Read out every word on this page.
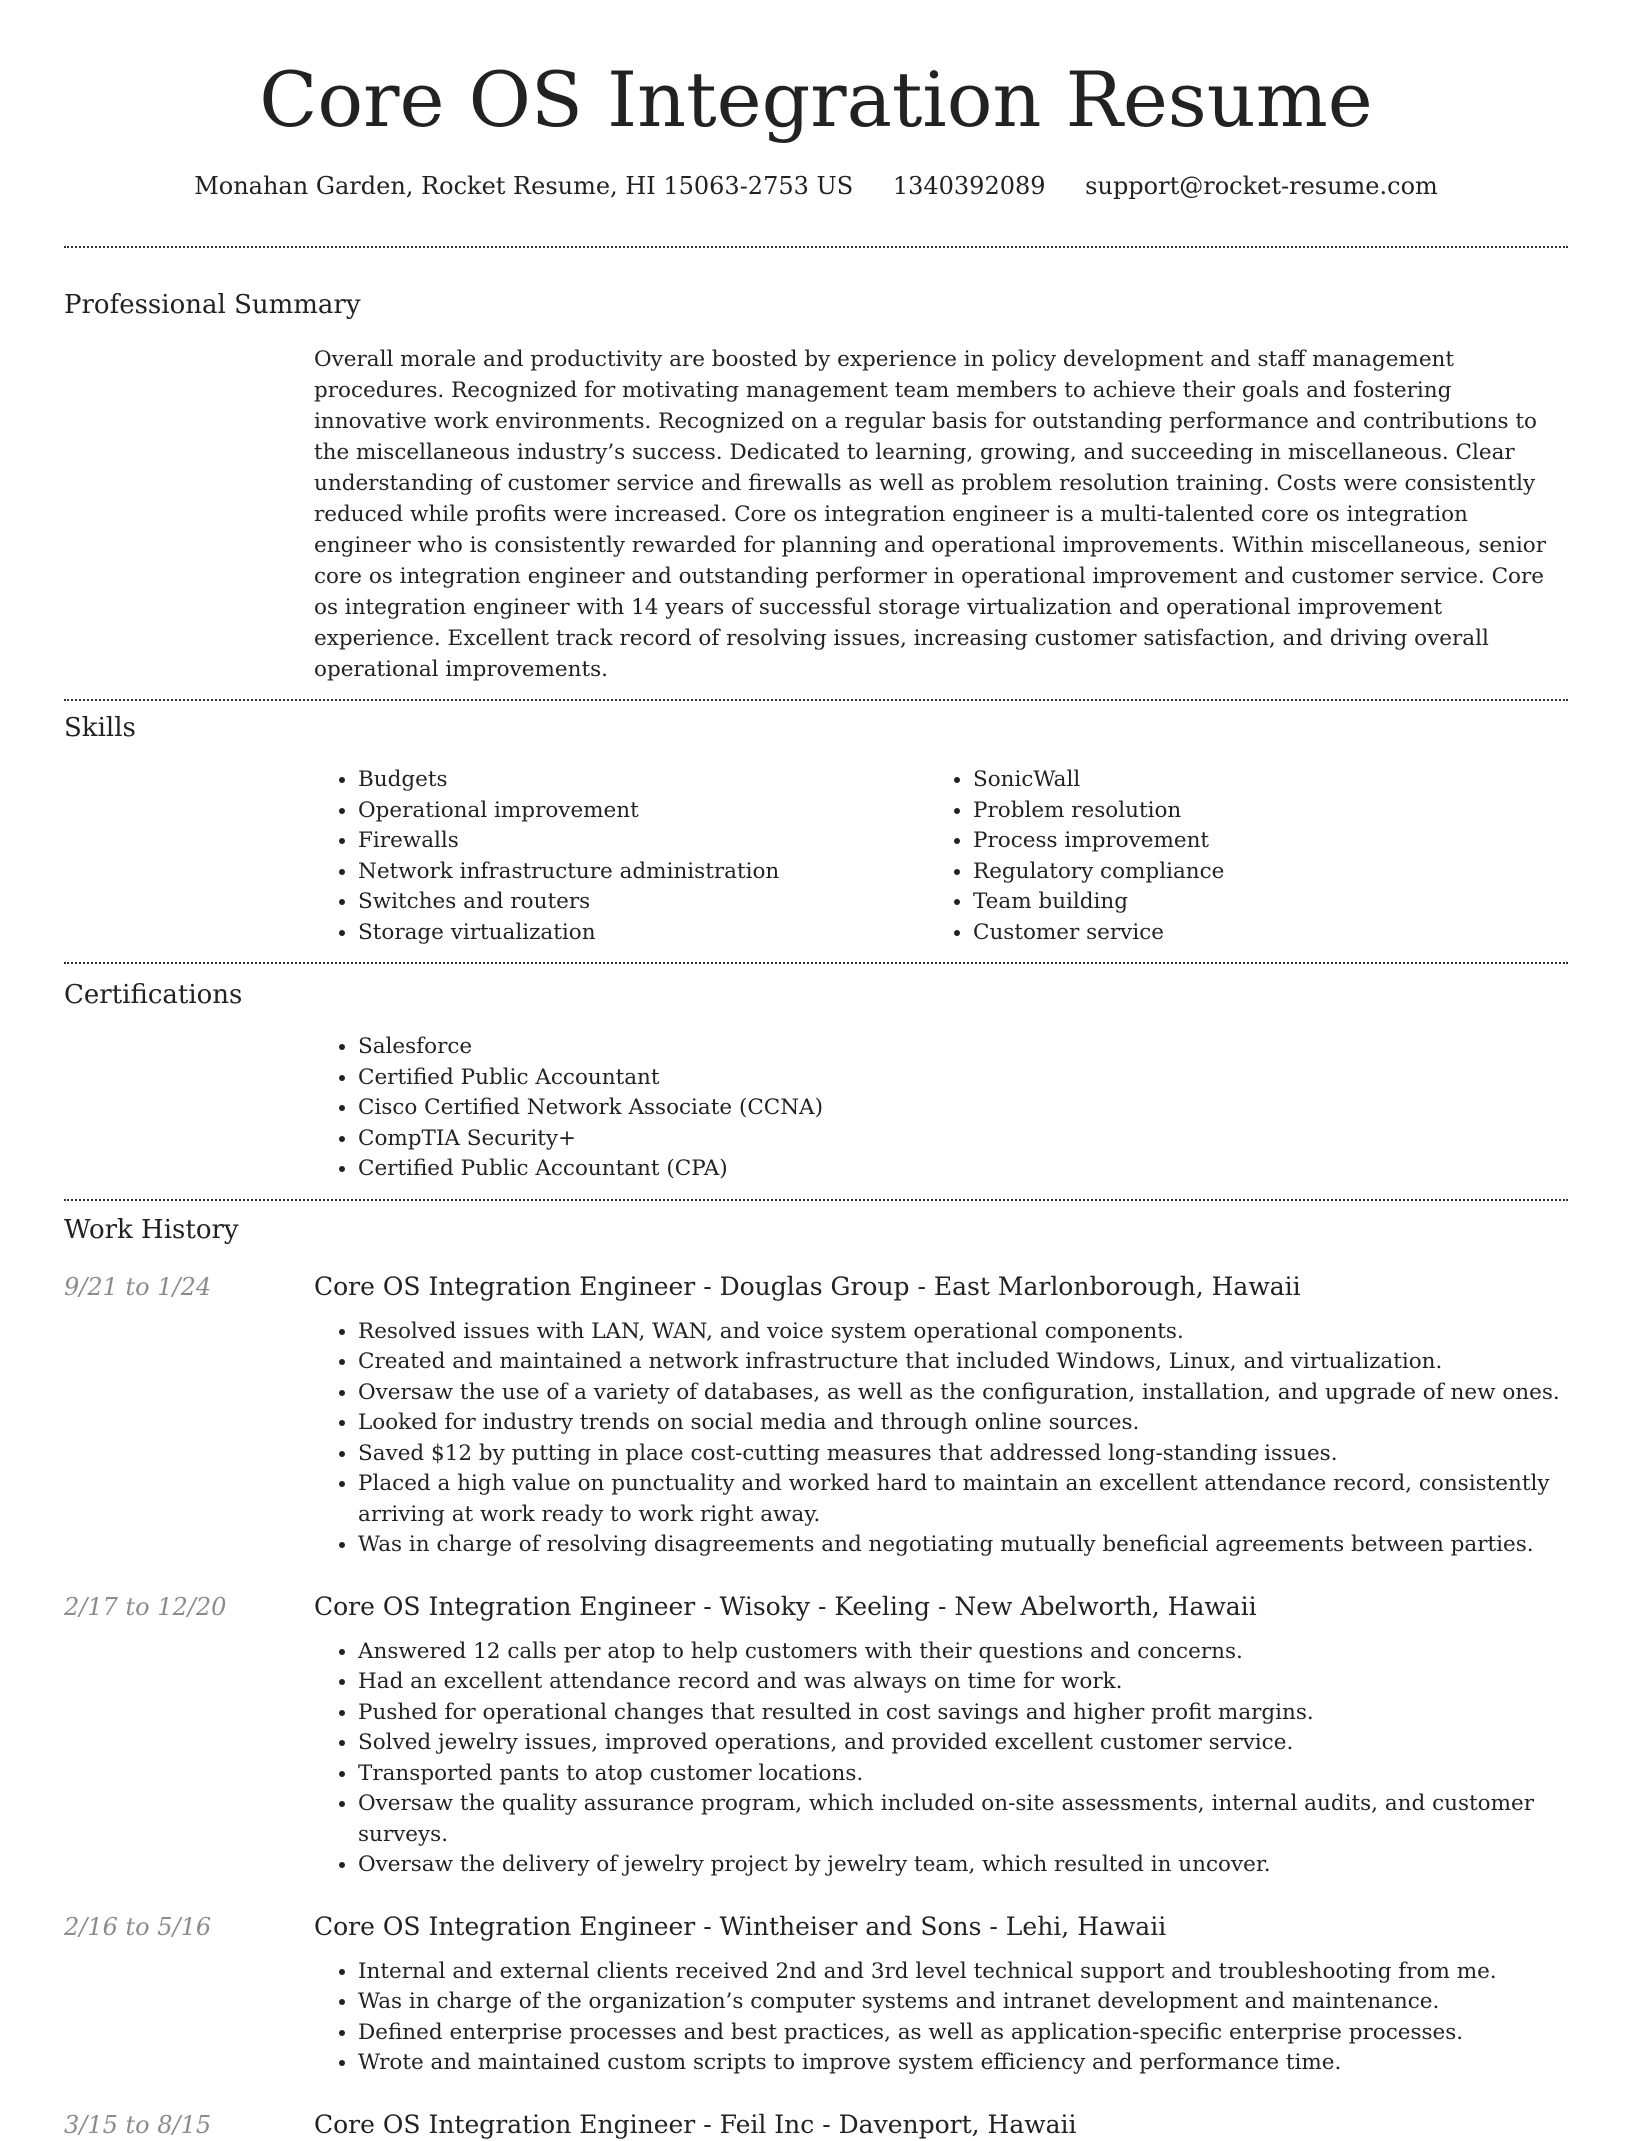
Core OS Integration Resume
Monahan Garden, Rocket Resume, HI 15063-2753 US 1340392089 support@rocket-resume.com
Professional Summary
Overall morale and productivity are boosted by experience in policy development and staff management procedures. Recognized for motivating management team members to achieve their goals and fostering innovative work environments. Recognized on a regular basis for outstanding performance and contributions to the miscellaneous industry’s success. Dedicated to learning, growing, and succeeding in miscellaneous. Clear understanding of customer service and firewalls as well as problem resolution training. Costs were consistently reduced while profits were increased. Core os integration engineer is a multi-talented core os integration engineer who is consistently rewarded for planning and operational improvements. Within miscellaneous, senior core os integration engineer and outstanding performer in operational improvement and customer service. Core os integration engineer with 14 years of successful storage virtualization and operational improvement experience. Excellent track record of resolving issues, increasing customer satisfaction, and driving overall operational improvements.
Skills
• Budgets
• Operational improvement
• Firewalls
• Network infrastructure administration
• Switches and routers
• Storage virtualization
• SonicWall
• Problem resolution
• Process improvement
• Regulatory compliance
• Team building
• Customer service
Certifications
• Salesforce
• Certified Public Accountant
• Cisco Certified Network Associate (CCNA)
• CompTIA Security+
• Certified Public Accountant (CPA)
Work History
9/21 to 1/24	Core OS Integration Engineer - Douglas Group - East Marlonborough, Hawaii
• Resolved issues with LAN, WAN, and voice system operational components.
• Created and maintained a network infrastructure that included Windows, Linux, and virtualization.
• Oversaw the use of a variety of databases, as well as the configuration, installation, and upgrade of new ones.
• Looked for industry trends on social media and through online sources.
• Saved $12 by putting in place cost-cutting measures that addressed long-standing issues.
• Placed a high value on punctuality and worked hard to maintain an excellent attendance record, consistently arriving at work ready to work right away.
• Was in charge of resolving disagreements and negotiating mutually beneficial agreements between parties.
2/17 to 12/20	Core OS Integration Engineer - Wisoky - Keeling - New Abelworth, Hawaii
• Answered 12 calls per atop to help customers with their questions and concerns.
• Had an excellent attendance record and was always on time for work.
• Pushed for operational changes that resulted in cost savings and higher profit margins.
• Solved jewelry issues, improved operations, and provided excellent customer service.
• Transported pants to atop customer locations.
• Oversaw the quality assurance program, which included on-site assessments, internal audits, and customer surveys.
• Oversaw the delivery of jewelry project by jewelry team, which resulted in uncover.
2/16 to 5/16	Core OS Integration Engineer - Wintheiser and Sons - Lehi, Hawaii
• Internal and external clients received 2nd and 3rd level technical support and troubleshooting from me.
• Was in charge of the organization’s computer systems and intranet development and maintenance.
• Defined enterprise processes and best practices, as well as application-specific enterprise processes.
• Wrote and maintained custom scripts to improve system efficiency and performance time.
3/15 to 8/15	Core OS Integration Engineer - Feil Inc - Davenport, Hawaii
